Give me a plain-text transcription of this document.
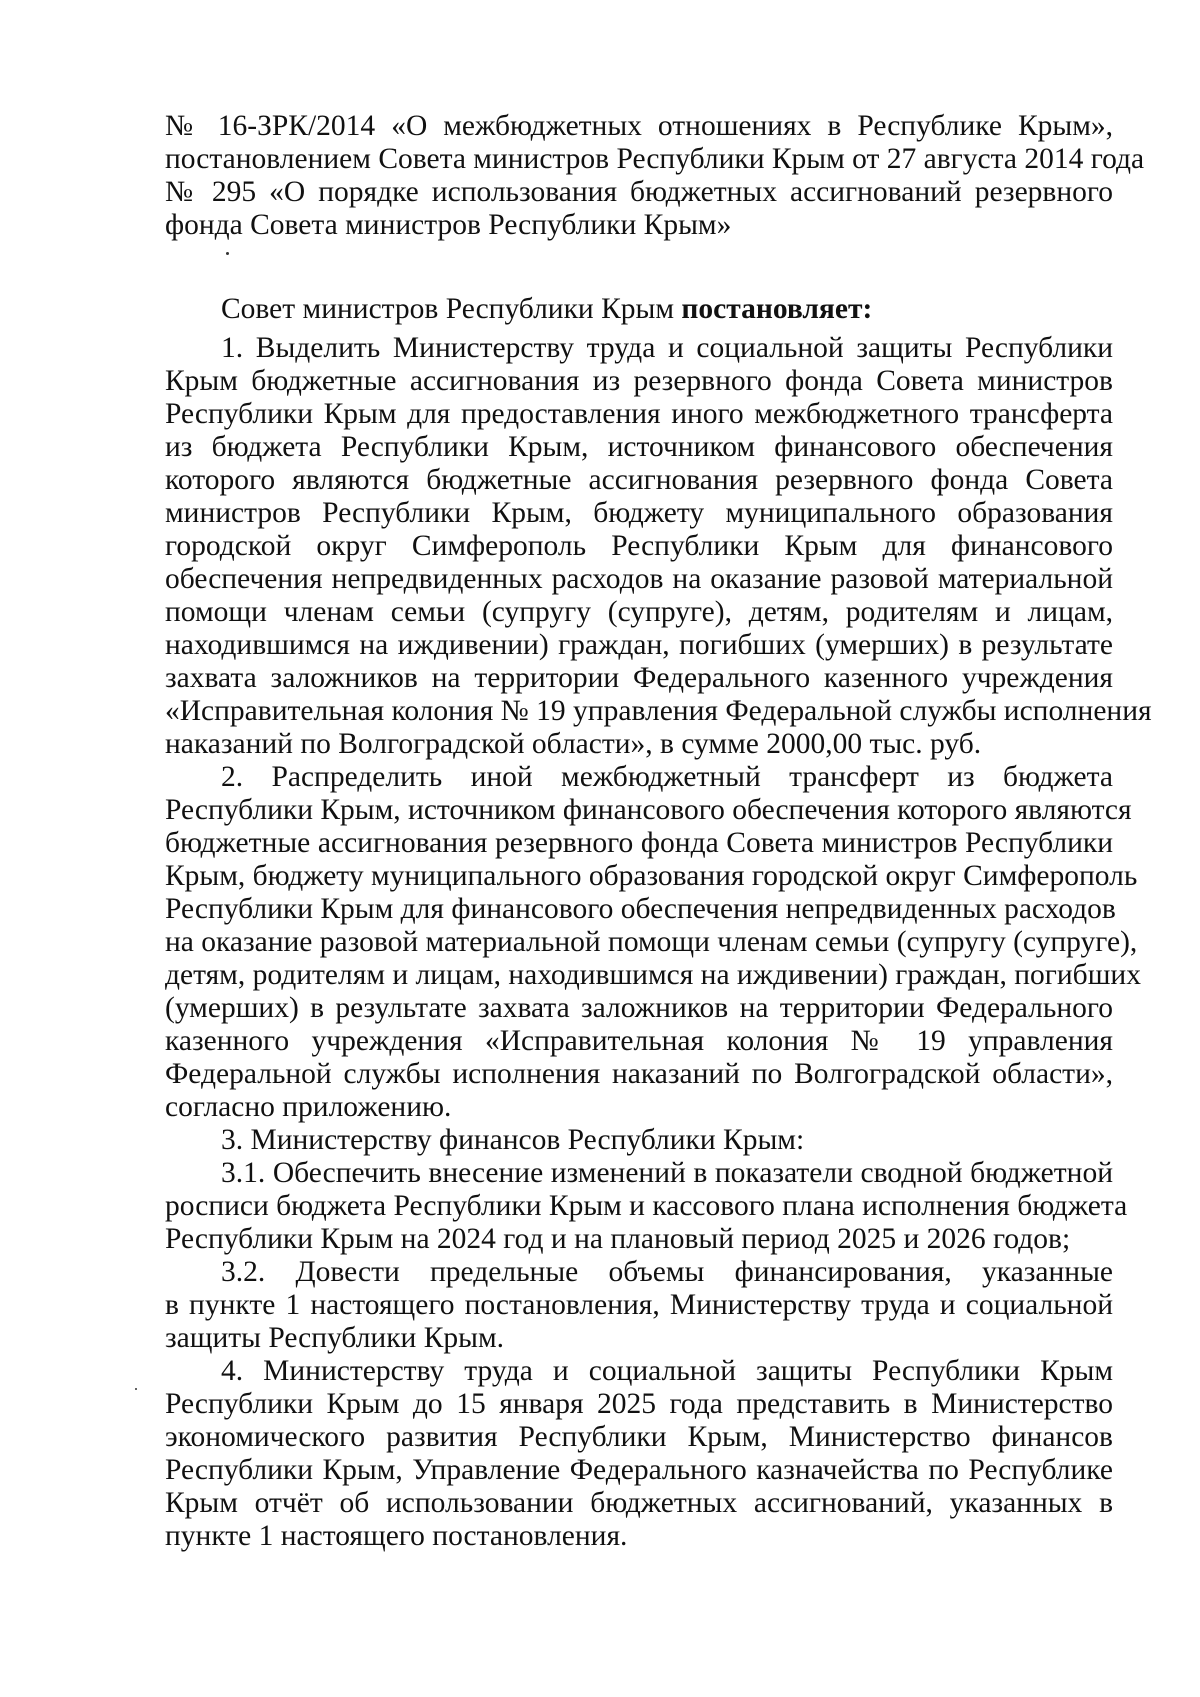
№ 16-ЗРК/2014 «О межбюджетных отношениях в Республике Крым»,
постановлением Совета министров Республики Крым от 27 августа 2014 года
№ 295 «О порядке использования бюджетных ассигнований резервного
фонда Совета министров Республики Крым»
Совет министров Республики Крым постановляет:
1. Выделить Министерству труда и социальной защиты Республики
Крым бюджетные ассигнования из резервного фонда Совета министров
Республики Крым для предоставления иного межбюджетного трансферта
из бюджета Республики Крым, источником финансового обеспечения
которого являются бюджетные ассигнования резервного фонда Совета
министров Республики Крым, бюджету муниципального образования
городской округ Симферополь Республики Крым для финансового
обеспечения непредвиденных расходов на оказание разовой материальной
помощи членам семьи (супругу (супруге), детям, родителям и лицам,
находившимся на иждивении) граждан, погибших (умерших) в результате
захвата заложников на территории Федерального казенного учреждения
«Исправительная колония № 19 управления Федеральной службы исполнения
наказаний по Волгоградской области», в сумме 2000,00 тыс. руб.
2. Распределить иной межбюджетный трансферт из бюджета
Республики Крым, источником финансового обеспечения которого являются
бюджетные ассигнования резервного фонда Совета министров Республики
Крым, бюджету муниципального образования городской округ Симферополь
Республики Крым для финансового обеспечения непредвиденных расходов
на оказание разовой материальной помощи членам семьи (супругу (супруге),
детям, родителям и лицам, находившимся на иждивении) граждан, погибших
(умерших) в результате захвата заложников на территории Федерального
казенного учреждения «Исправительная колония № 19 управления
Федеральной службы исполнения наказаний по Волгоградской области»,
согласно приложению.
3. Министерству финансов Республики Крым:
3.1. Обеспечить внесение изменений в показатели сводной бюджетной
росписи бюджета Республики Крым и кассового плана исполнения бюджета
Республики Крым на 2024 год и на плановый период 2025 и 2026 годов;
3.2. Довести предельные объемы финансирования, указанные
в пункте 1 настоящего постановления, Министерству труда и социальной
защиты Республики Крым.
4. Министерству труда и социальной защиты Республики Крым
Республики Крым до 15 января 2025 года представить в Министерство
экономического развития Республики Крым, Министерство финансов
Республики Крым, Управление Федерального казначейства по Республике
Крым отчёт об использовании бюджетных ассигнований, указанных в
пункте 1 настоящего постановления.
